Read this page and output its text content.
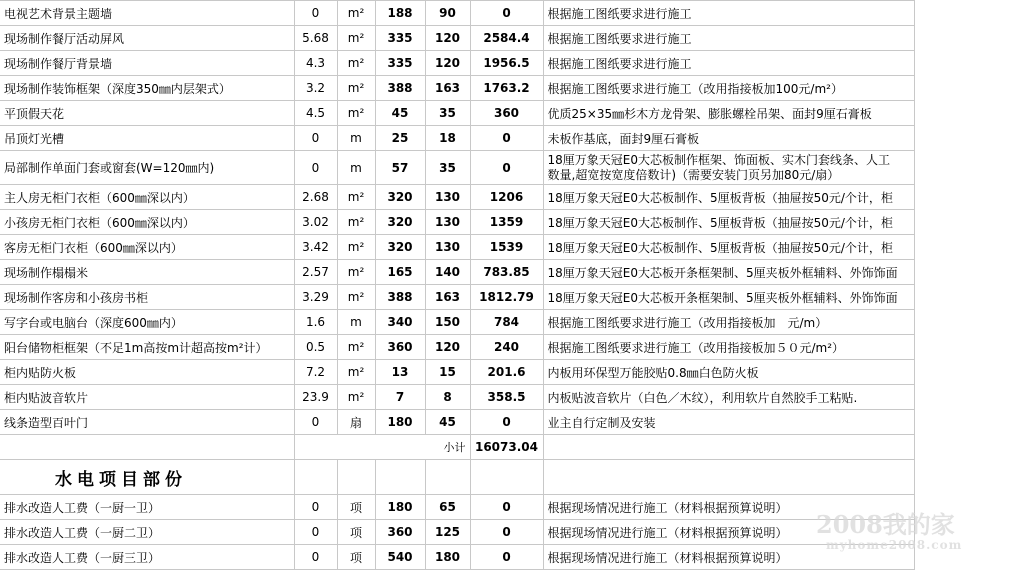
电视艺术背景主题墙	0	m²	188	90	0	根据施工图纸要求进行施工
现场制作餐厅活动屏风	5.68	m²	335	120	2584.4	根据施工图纸要求进行施工
现场制作餐厅背景墙	4.3	m²	335	120	1956.5	根据施工图纸要求进行施工
现场制作装饰框架（深度350㎜内层架式）	3.2	m²	388	163	1763.2	根据施工图纸要求进行施工（改用指接板加100元/m²）
平顶假天花	4.5	m²	45	35	360	优质25×35㎜杉木方龙骨架、膨胀螺栓吊架、面封9厘石膏板
吊顶灯光槽	0	m	25	18	0	未板作基底，面封9厘石膏板
局部制作单面门套或窗套(W=120㎜内)	0	m	57	35	0	18厘万象天冠E0大芯板制作框架、饰面板、实木门套线条、人工
数量,超宽按宽度倍数计)（需要安装门页另加80元/扇）

主人房无柜门衣柜（600㎜深以内）	2.68	m²	320	130	1206	18厘万象天冠E0大芯板制作、5厘板背板（抽屉按50元/个计，柜
小孩房无柜门衣柜（600㎜深以内）	3.02	m²	320	130	1359	18厘万象天冠E0大芯板制作、5厘板背板（抽屉按50元/个计，柜
客房无柜门衣柜（600㎜深以内）	3.42	m²	320	130	1539	18厘万象天冠E0大芯板制作、5厘板背板（抽屉按50元/个计，柜
现场制作榻榻米	2.57	m²	165	140	783.85	18厘万象天冠E0大芯板开条框架制、5厘夹板外框辅料、外饰饰面
现场制作客房和小孩房书柜	3.29	m²	388	163	1812.79	18厘万象天冠E0大芯板开条框架制、5厘夹板外框辅料、外饰饰面
写字台或电脑台（深度600㎜内）	1.6	m	340	150	784	根据施工图纸要求进行施工（改用指接板加　元/m）
阳台储物柜框架（不足1m高按m计超高按m²计）	0.5	m²	360	120	240	根据施工图纸要求进行施工（改用指接板加５０元/m²）
柜内贴防火板	7.2	m²	13	15	201.6	内板用环保型万能胶贴0.8㎜白色防火板
柜内贴波音软片	23.9	m²	7	8	358.5	内板贴波音软片（白色／木纹），利用软片自然胶手工粘贴.
线条造型百叶门	0	扇	180	45	0	业主自行定制及安装
	小计				16073.04	
水电项目部份						
排水改造人工费（一厨一卫）	0	项	180	65	0	根据现场情况进行施工（材料根据预算说明）
排水改造人工费（一厨二卫）	0	项	360	125	0	根据现场情况进行施工（材料根据预算说明）
排水改造人工费（一厨三卫）	0	项	540	180	0	根据现场情况进行施工（材料根据预算说明）
2008我的家
myhome2008.com
